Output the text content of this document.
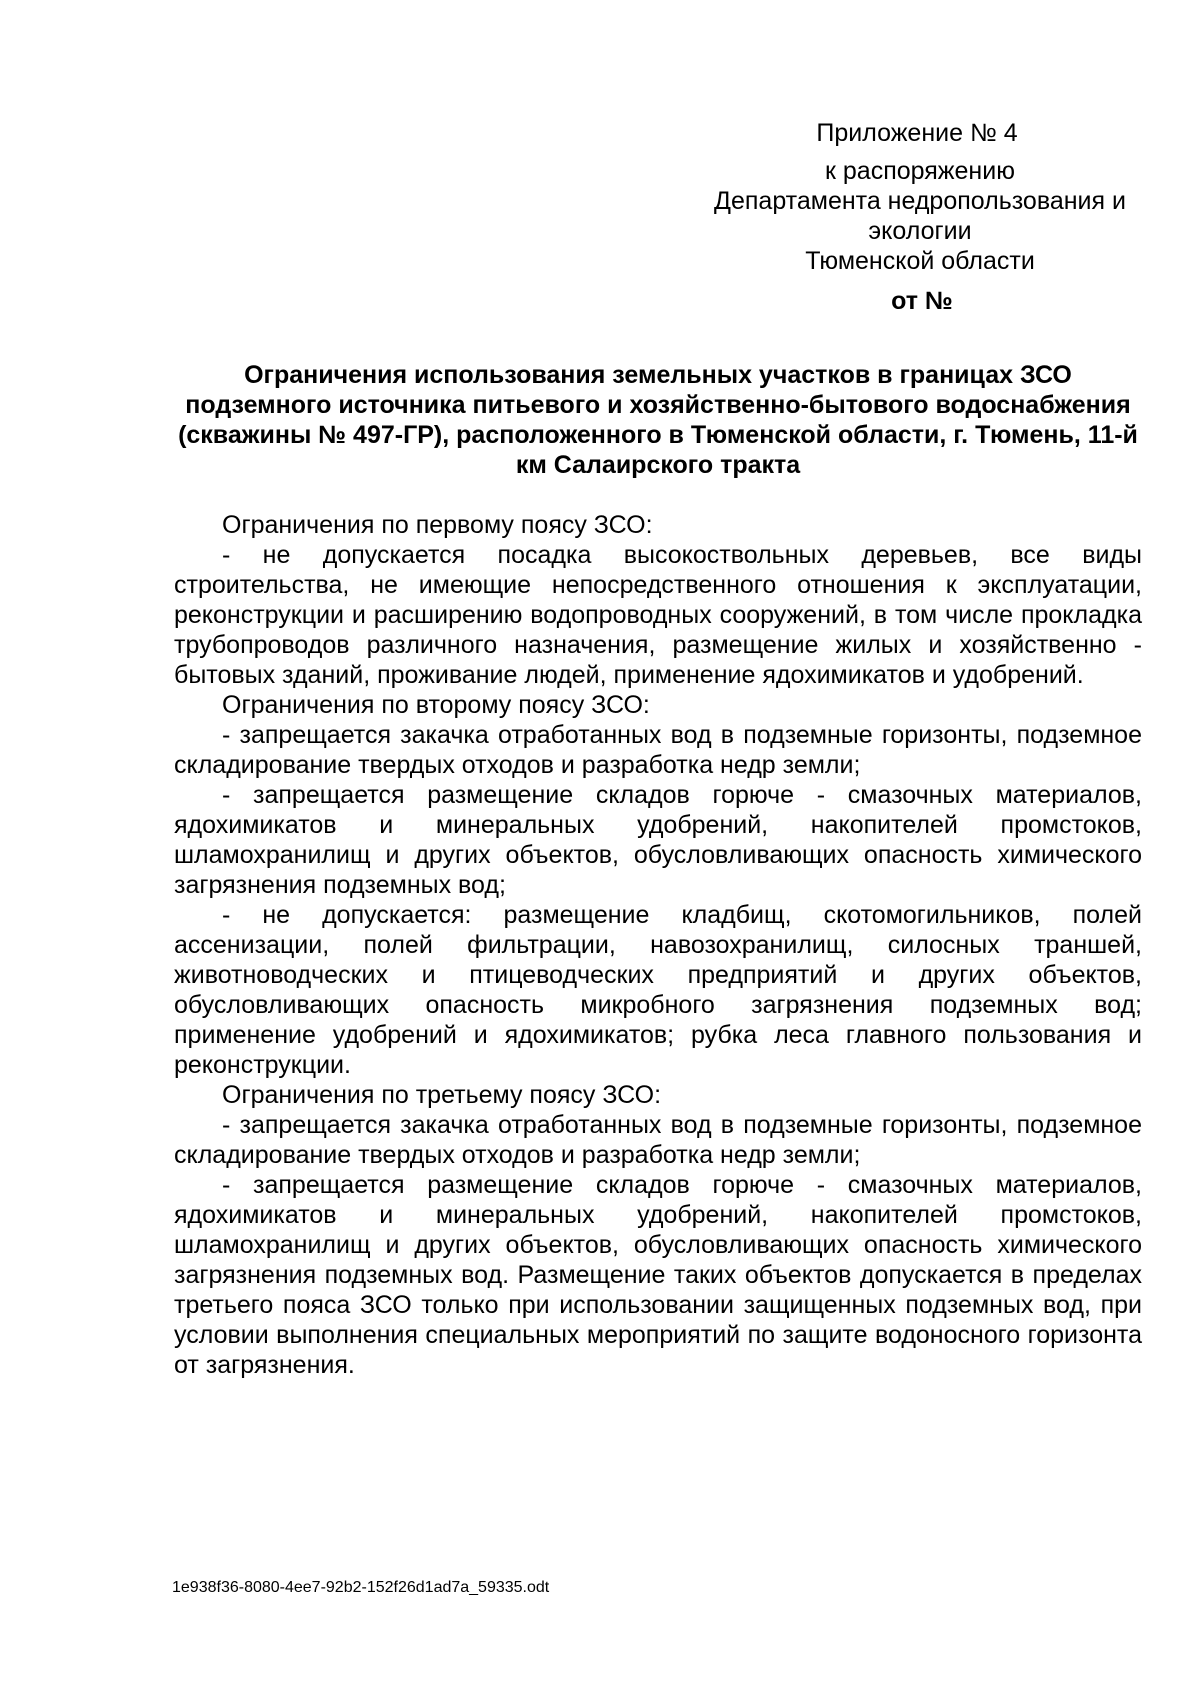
Приложение № 4
к распоряжению
Департамента недропользования и
экологии
Тюменской области
от №
Ограничения использования земельных участков в границах ЗСО подземного источника питьевого и хозяйственно-бытового водоснабжения (скважины № 497-ГР), расположенного в Тюменской области, г. Тюмень, 11-й км Салаирского тракта

Ограничения по первому поясу ЗСО:

- не допускается посадка высокоствольных деревьев, все виды строительства, не имеющие непосредственного отношения к эксплуатации, реконструкции и расширению водопроводных сооружений, в том числе прокладка трубопроводов различного назначения, размещение жилых и хозяйственно - бытовых зданий, проживание людей, применение ядохимикатов и удобрений.

Ограничения по второму поясу ЗСО:

- запрещается закачка отработанных вод в подземные горизонты, подземное складирование твердых отходов и разработка недр земли;

- запрещается размещение складов горюче - смазочных материалов, ядохимикатов и минеральных удобрений, накопителей промстоков, шламохранилищ и других объектов, обусловливающих опасность химического загрязнения подземных вод;

- не допускается: размещение кладбищ, скотомогильников, полей ассенизации, полей фильтрации, навозохранилищ, силосных траншей, животноводческих и птицеводческих предприятий и других объектов, обусловливающих опасность микробного загрязнения подземных вод; применение удобрений и ядохимикатов; рубка леса главного пользования и реконструкции.

Ограничения по третьему поясу ЗСО:

- запрещается закачка отработанных вод в подземные горизонты, подземное складирование твердых отходов и разработка недр земли;

- запрещается размещение складов горюче - смазочных материалов, ядохимикатов и минеральных удобрений, накопителей промстоков, шламохранилищ и других объектов, обусловливающих опасность химического загрязнения подземных вод. Размещение таких объектов допускается в пределах третьего пояса ЗСО только при использовании защищенных подземных вод, при условии выполнения специальных мероприятий по защите водоносного горизонта от загрязнения.

1e938f36-8080-4ee7-92b2-152f26d1ad7a_59335.odt
